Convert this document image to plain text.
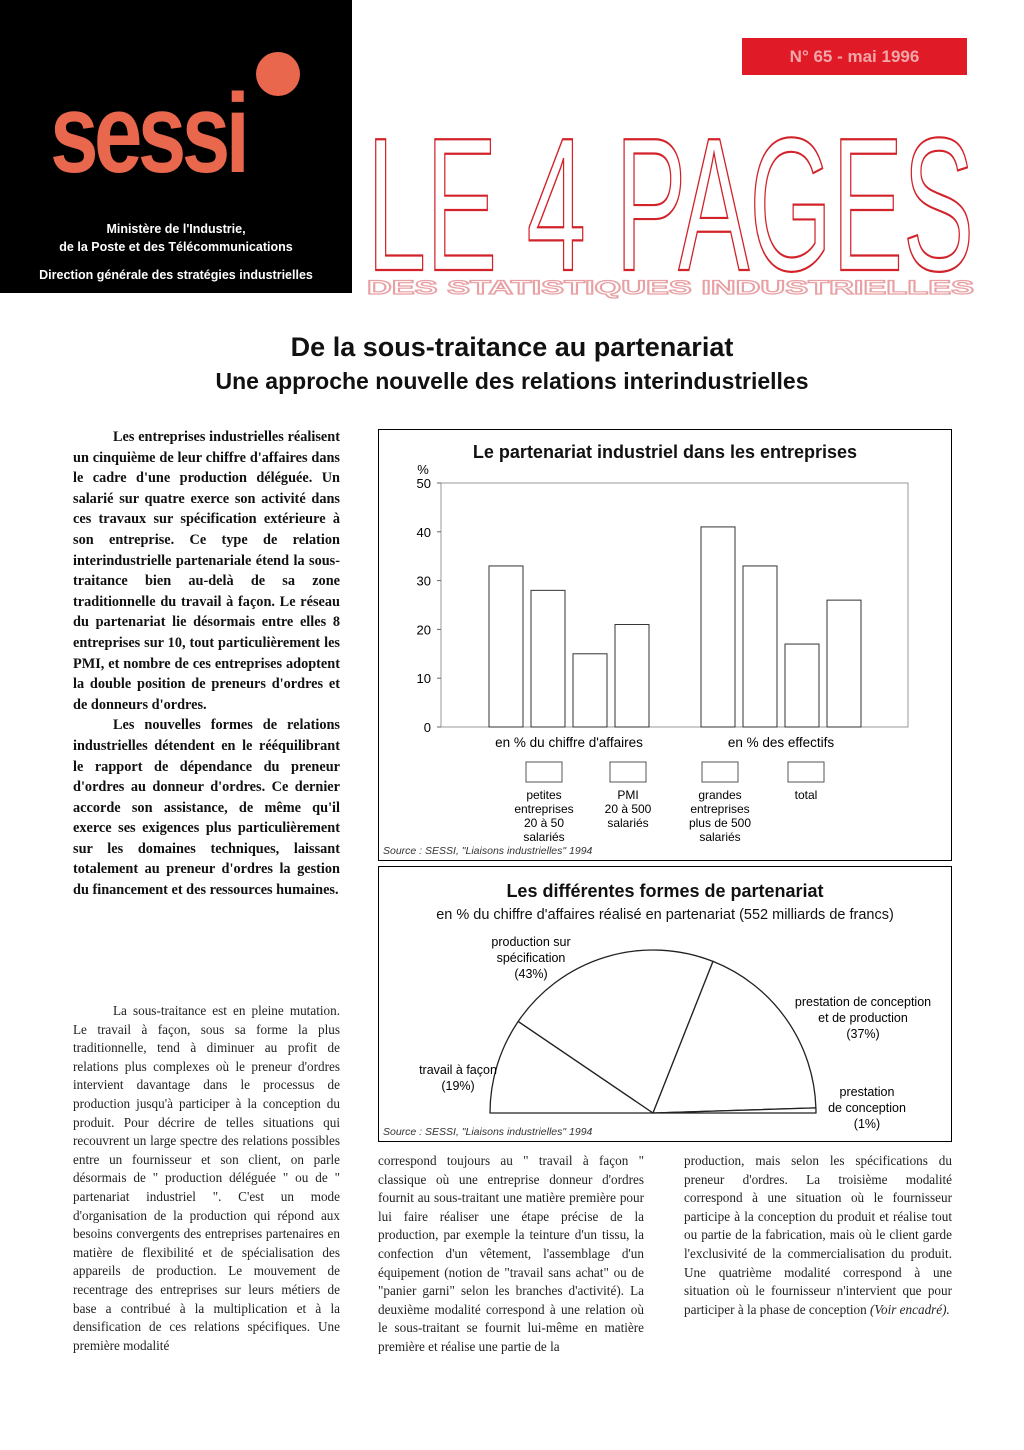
sessi
Ministère de l'Industrie,
de la Poste et des Télécommunications
Direction générale des stratégies industrielles
N° 65 - mai 1996
LE 4 PAGES
DES STATISTIQUES INDUSTRIELLES
De la sous-traitance au partenariat
Une approche nouvelle des relations interindustrielles

Les entreprises industrielles réalisent un cinquième de leur chiffre d'affaires dans le cadre d'une production déléguée. Un salarié sur quatre exerce son activité dans ces travaux sur spécification extérieure à son entreprise. Ce type de relation interindustrielle partenariale étend la sous-traitance bien au-delà de sa zone traditionnelle du travail à façon. Le réseau du partenariat lie désormais entre elles 8 entreprises sur 10, tout particulièrement les PMI, et nombre de ces entreprises adoptent la double position de preneurs d'ordres et de donneurs d'ordres.

Les nouvelles formes de relations industrielles détendent en le rééquilibrant le rapport de dépendance du preneur d'ordres au donneur d'ordres. Ce dernier accorde son assistance, de même qu'il exerce ses exigences plus particulièrement sur les domaines techniques, laissant totalement au preneur d'ordres la gestion du financement et des ressources humaines.

La sous-traitance est en pleine mutation. Le travail à façon, sous sa forme la plus traditionnelle, tend à diminuer au profit de relations plus complexes où le preneur d'ordres intervient davantage dans le processus de production jusqu'à participer à la conception du produit. Pour décrire de telles situations qui recouvrent un large spectre des relations possibles entre un fournisseur et son client, on parle désormais de " production déléguée " ou de " partenariat industriel ". C'est un mode d'organisation de la production qui répond aux besoins convergents des entreprises partenaires en matière de flexibilité et de spécialisation des appareils de production. Le mouvement de recentrage des entreprises sur leurs métiers de base a contribué à la multiplication et à la densification de ces relations spécifiques. Une première modalité

correspond toujours au " travail à façon " classique où une entreprise donneur d'ordres fournit au sous-traitant une matière première pour lui faire réaliser une étape précise de la production, par exemple la teinture d'un tissu, la confection d'un vêtement, l'assemblage d'un équipement (notion de "travail sans achat" ou de "panier garni" selon les branches d'activité). La deuxième modalité correspond à une relation où le sous-traitant se fournit lui-même en matière première et réalise une partie de la

production, mais selon les spécifications du preneur d'ordres. La troisième modalité correspond à une situation où le fournisseur participe à la conception du produit et réalise tout ou partie de la fabrication, mais où le client garde l'exclusivité de la commercialisation du produit. Une quatrième modalité correspond à une situation où le fournisseur n'intervient que pour participer à la phase de conception (Voir encadré).

Le partenariat industriel dans les entreprises
%
0
10
20
30
40
50
en % du chiffre d'affaires	en % des effectifs
petites
entreprises
20 à 50
salariés
PMI
20 à 500
salariés
grandes
entreprises
plus de 500
salariés
total
Source : SESSI, "Liaisons industrielles" 1994
Les différentes formes de partenariat
en % du chiffre d'affaires réalisé en partenariat (552 milliards de francs)
travail à façon
(19%)
production sur
spécification
(43%)
prestation de conception
et de production
(37%)
prestation
de conception
(1%)
Source : SESSI, "Liaisons industrielles" 1994
